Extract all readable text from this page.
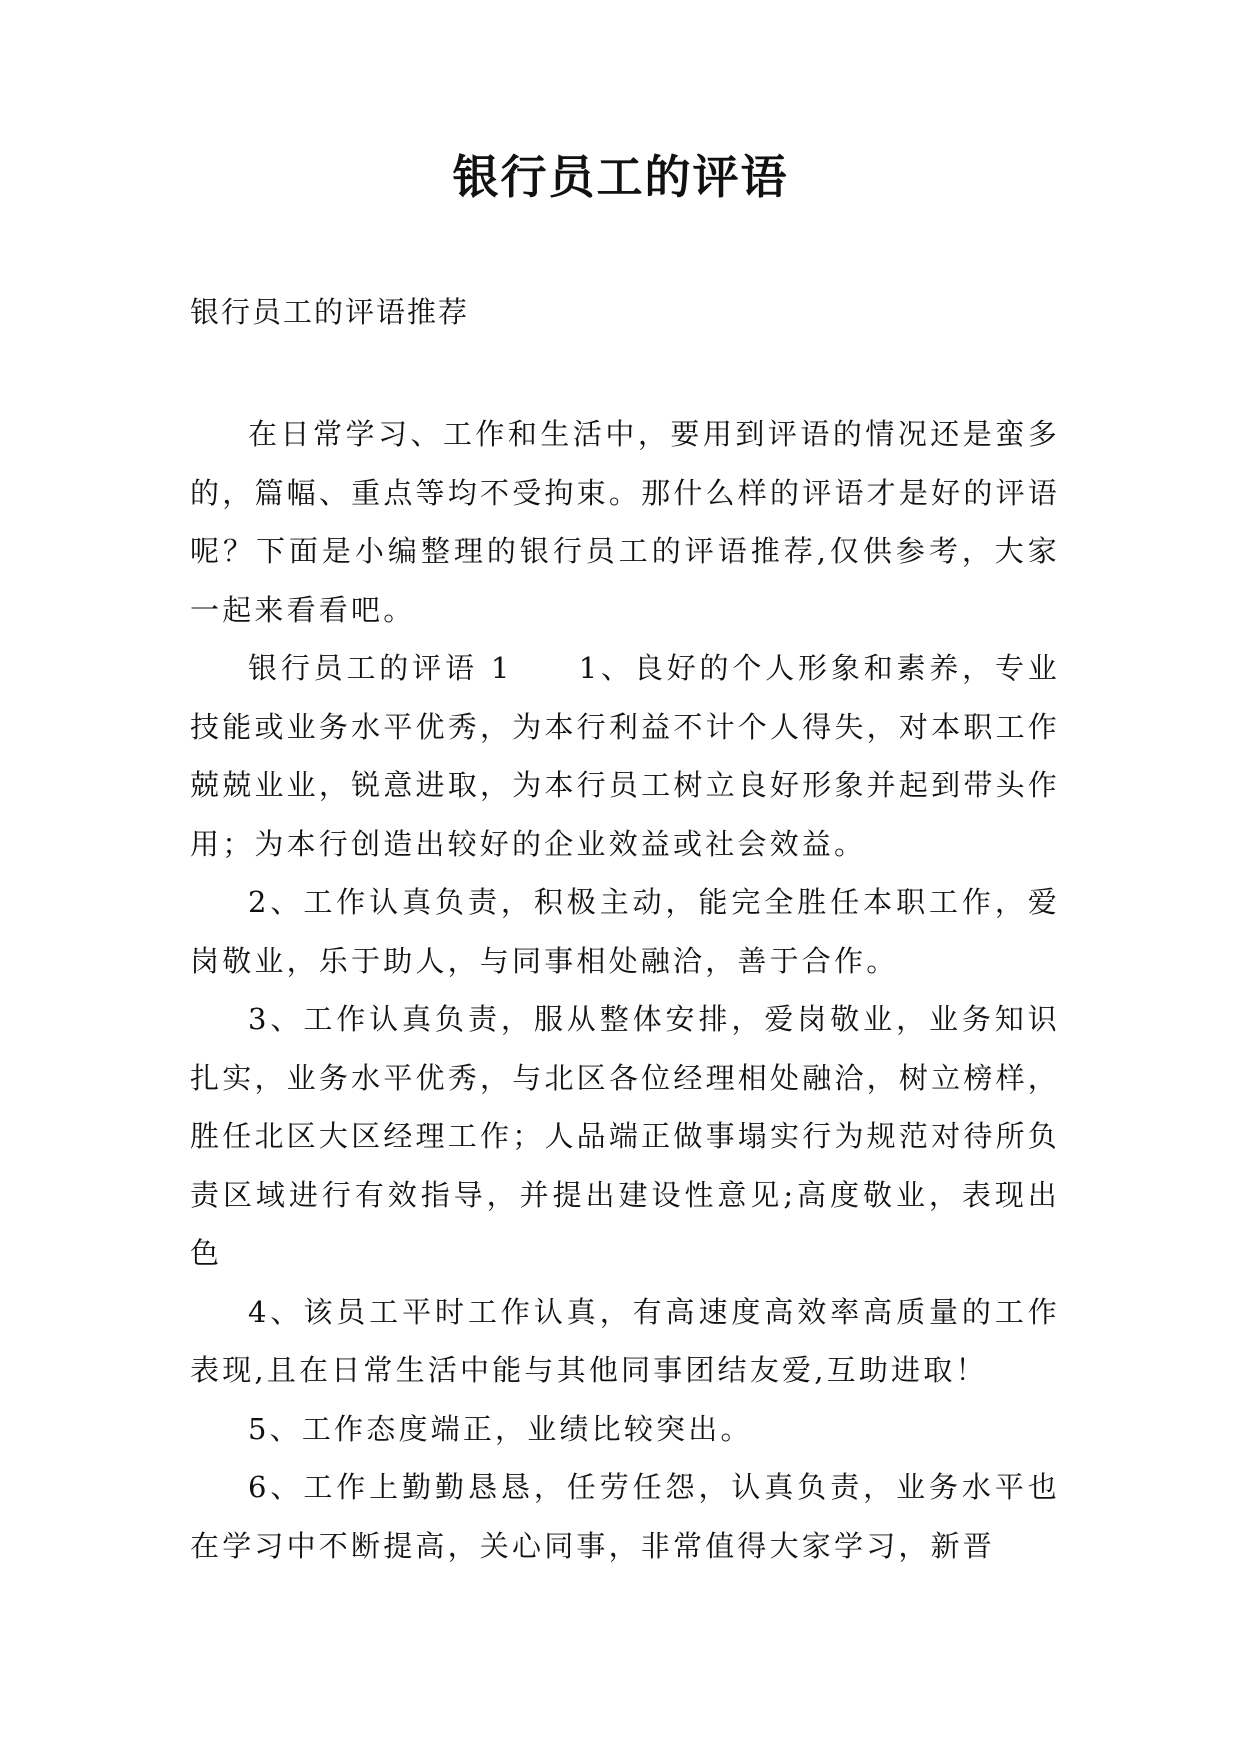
银行员工的评语

银行员工的评语推荐

在日常学习、工作和生活中，要用到评语的情况还是蛮多的，篇幅、重点等均不受拘束。那什么样的评语才是好的评语呢？下面是小编整理的银行员工的评语推荐,仅供参考，大家一起来看看吧。

银行员工的评语 1　　1、良好的个人形象和素养，专业技能或业务水平优秀，为本行利益不计个人得失，对本职工作兢兢业业，锐意进取，为本行员工树立良好形象并起到带头作用；为本行创造出较好的企业效益或社会效益。

2、工作认真负责，积极主动，能完全胜任本职工作，爱岗敬业，乐于助人，与同事相处融洽，善于合作。

3、工作认真负责，服从整体安排，爱岗敬业，业务知识扎实，业务水平优秀，与北区各位经理相处融洽，树立榜样，胜任北区大区经理工作；人品端正做事塌实行为规范对待所负责区域进行有效指导，并提出建设性意见;高度敬业，表现出色

4、该员工平时工作认真，有高速度高效率高质量的工作表现,且在日常生活中能与其他同事团结友爱,互助进取！

5、工作态度端正，业绩比较突出。

6、工作上勤勤恳恳，任劳任怨，认真负责，业务水平也在学习中不断提高，关心同事，非常值得大家学习，新晋
